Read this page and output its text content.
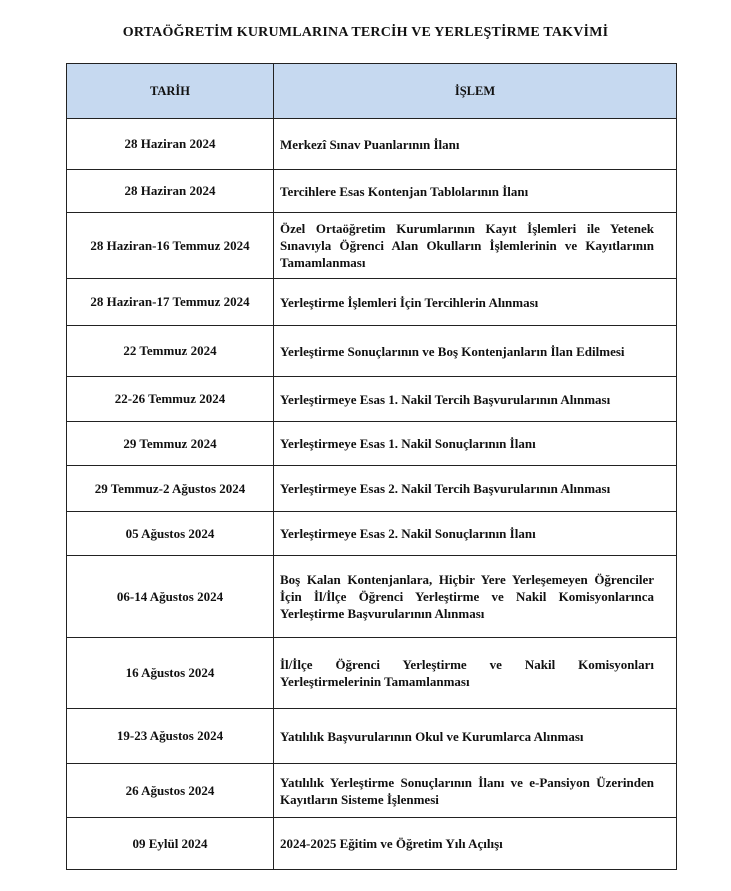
ORTAÖĞRETİM KURUMLARINA TERCİH VE YERLEŞTİRME TAKVİMİ
TARİH	İŞLEM
28 Haziran 2024	Merkezî Sınav Puanlarının İlanı
28 Haziran 2024	Tercihlere Esas Kontenjan Tablolarının İlanı
28 Haziran-16 Temmuz 2024	Özel Ortaöğretim Kurumlarının Kayıt İşlemleri ile Yetenek Sınavıyla Öğrenci Alan Okulların İşlemlerinin ve Kayıtlarının Tamamlanması
28 Haziran-17 Temmuz 2024	Yerleştirme İşlemleri İçin Tercihlerin Alınması
22 Temmuz 2024	Yerleştirme Sonuçlarının ve Boş Kontenjanların İlan Edilmesi
22-26 Temmuz 2024	Yerleştirmeye Esas 1. Nakil Tercih Başvurularının Alınması
29 Temmuz 2024	Yerleştirmeye Esas 1. Nakil Sonuçlarının İlanı
29 Temmuz-2 Ağustos 2024	Yerleştirmeye Esas 2. Nakil Tercih Başvurularının Alınması
05 Ağustos 2024	Yerleştirmeye Esas 2. Nakil Sonuçlarının İlanı
06-14 Ağustos 2024	Boş Kalan Kontenjanlara, Hiçbir Yere Yerleşemeyen Öğrenciler İçin İl/İlçe Öğrenci Yerleştirme ve Nakil Komisyonlarınca Yerleştirme Başvurularının Alınması
16 Ağustos 2024	İl/İlçe Öğrenci Yerleştirme ve Nakil Komisyonları Yerleştirmelerinin Tamamlanması
19-23 Ağustos 2024	Yatılılık Başvurularının Okul ve Kurumlarca Alınması
26 Ağustos 2024	Yatılılık Yerleştirme Sonuçlarının İlanı ve e-Pansiyon Üzerinden Kayıtların Sisteme İşlenmesi
09 Eylül 2024	2024-2025 Eğitim ve Öğretim Yılı Açılışı
